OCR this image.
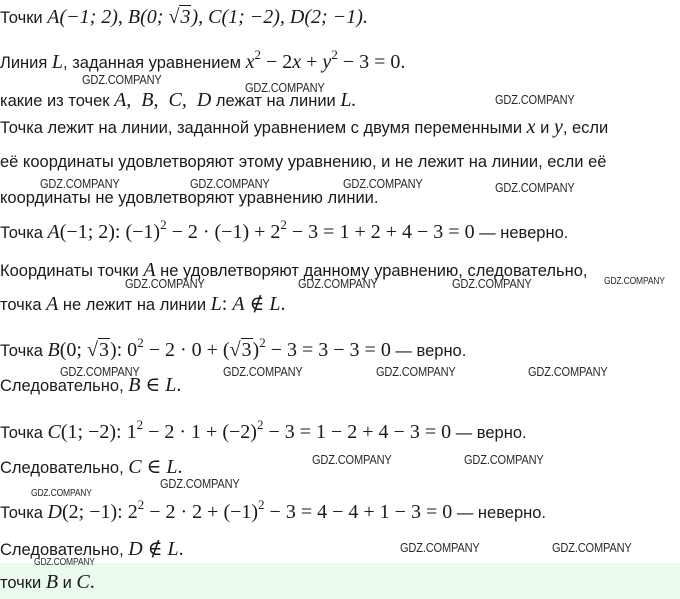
Точки A(−1; 2), B(0; √3), C(1; −2), D(2; −1).
Линия L, заданная уравнением $x^2 - 2x + y^2 - 3 = 0$.
какие из точек A,  B,  C,  D лежат на линии L.
Точка лежит на линии, заданной уравнением с двумя переменными x и y, если
её координаты удовлетворяют этому уравнению, и не лежит на линии, если её
координаты не удовлетворяют уравнению линии.
Точка A(−1; 2): $(-1)^2 - 2 \cdot (-1) + 2^2 - 3 = 1 + 2 + 4 - 3 = 0$ — неверно.
Координаты точки A не удовлетворяют данному уравнению, следовательно,
точка A не лежит на линии L: A ∉ L.
Точка B(0; √3): $0^2 - 2 \cdot 0 + (√3)^2 - 3 = 3 - 3 = 0$ — верно.
Следовательно, B ∈ L.
Точка C(1; −2): $1^2 - 2 \cdot 1 + (-2)^2 - 3 = 1 - 2 + 4 - 3 = 0$ — верно.
Следовательно, C ∈ L.
Точка D(2; −1): $2^2 - 2 \cdot 2 + (-1)^2 - 3 = 4 - 4 + 1 - 3 = 0$ — неверно.
Следовательно, D ∉ L.
точки B и C.
GDZ.COMPANY
GDZ.COMPANY
GDZ.COMPANY
GDZ.COMPANY	GDZ.COMPANY	GDZ.COMPANY	GDZ.COMPANY
GDZ.COMPANY	GDZ.COMPANY	GDZ.COMPANY	GDZ.COMPANY
GDZ.COMPANY	GDZ.COMPANY	GDZ.COMPANY	GDZ.COMPANY
GDZ.COMPANY	GDZ.COMPANY
GDZ.COMPANY
GDZ.COMPANY
GDZ.COMPANY	GDZ.COMPANY
GDZ.COMPANY
